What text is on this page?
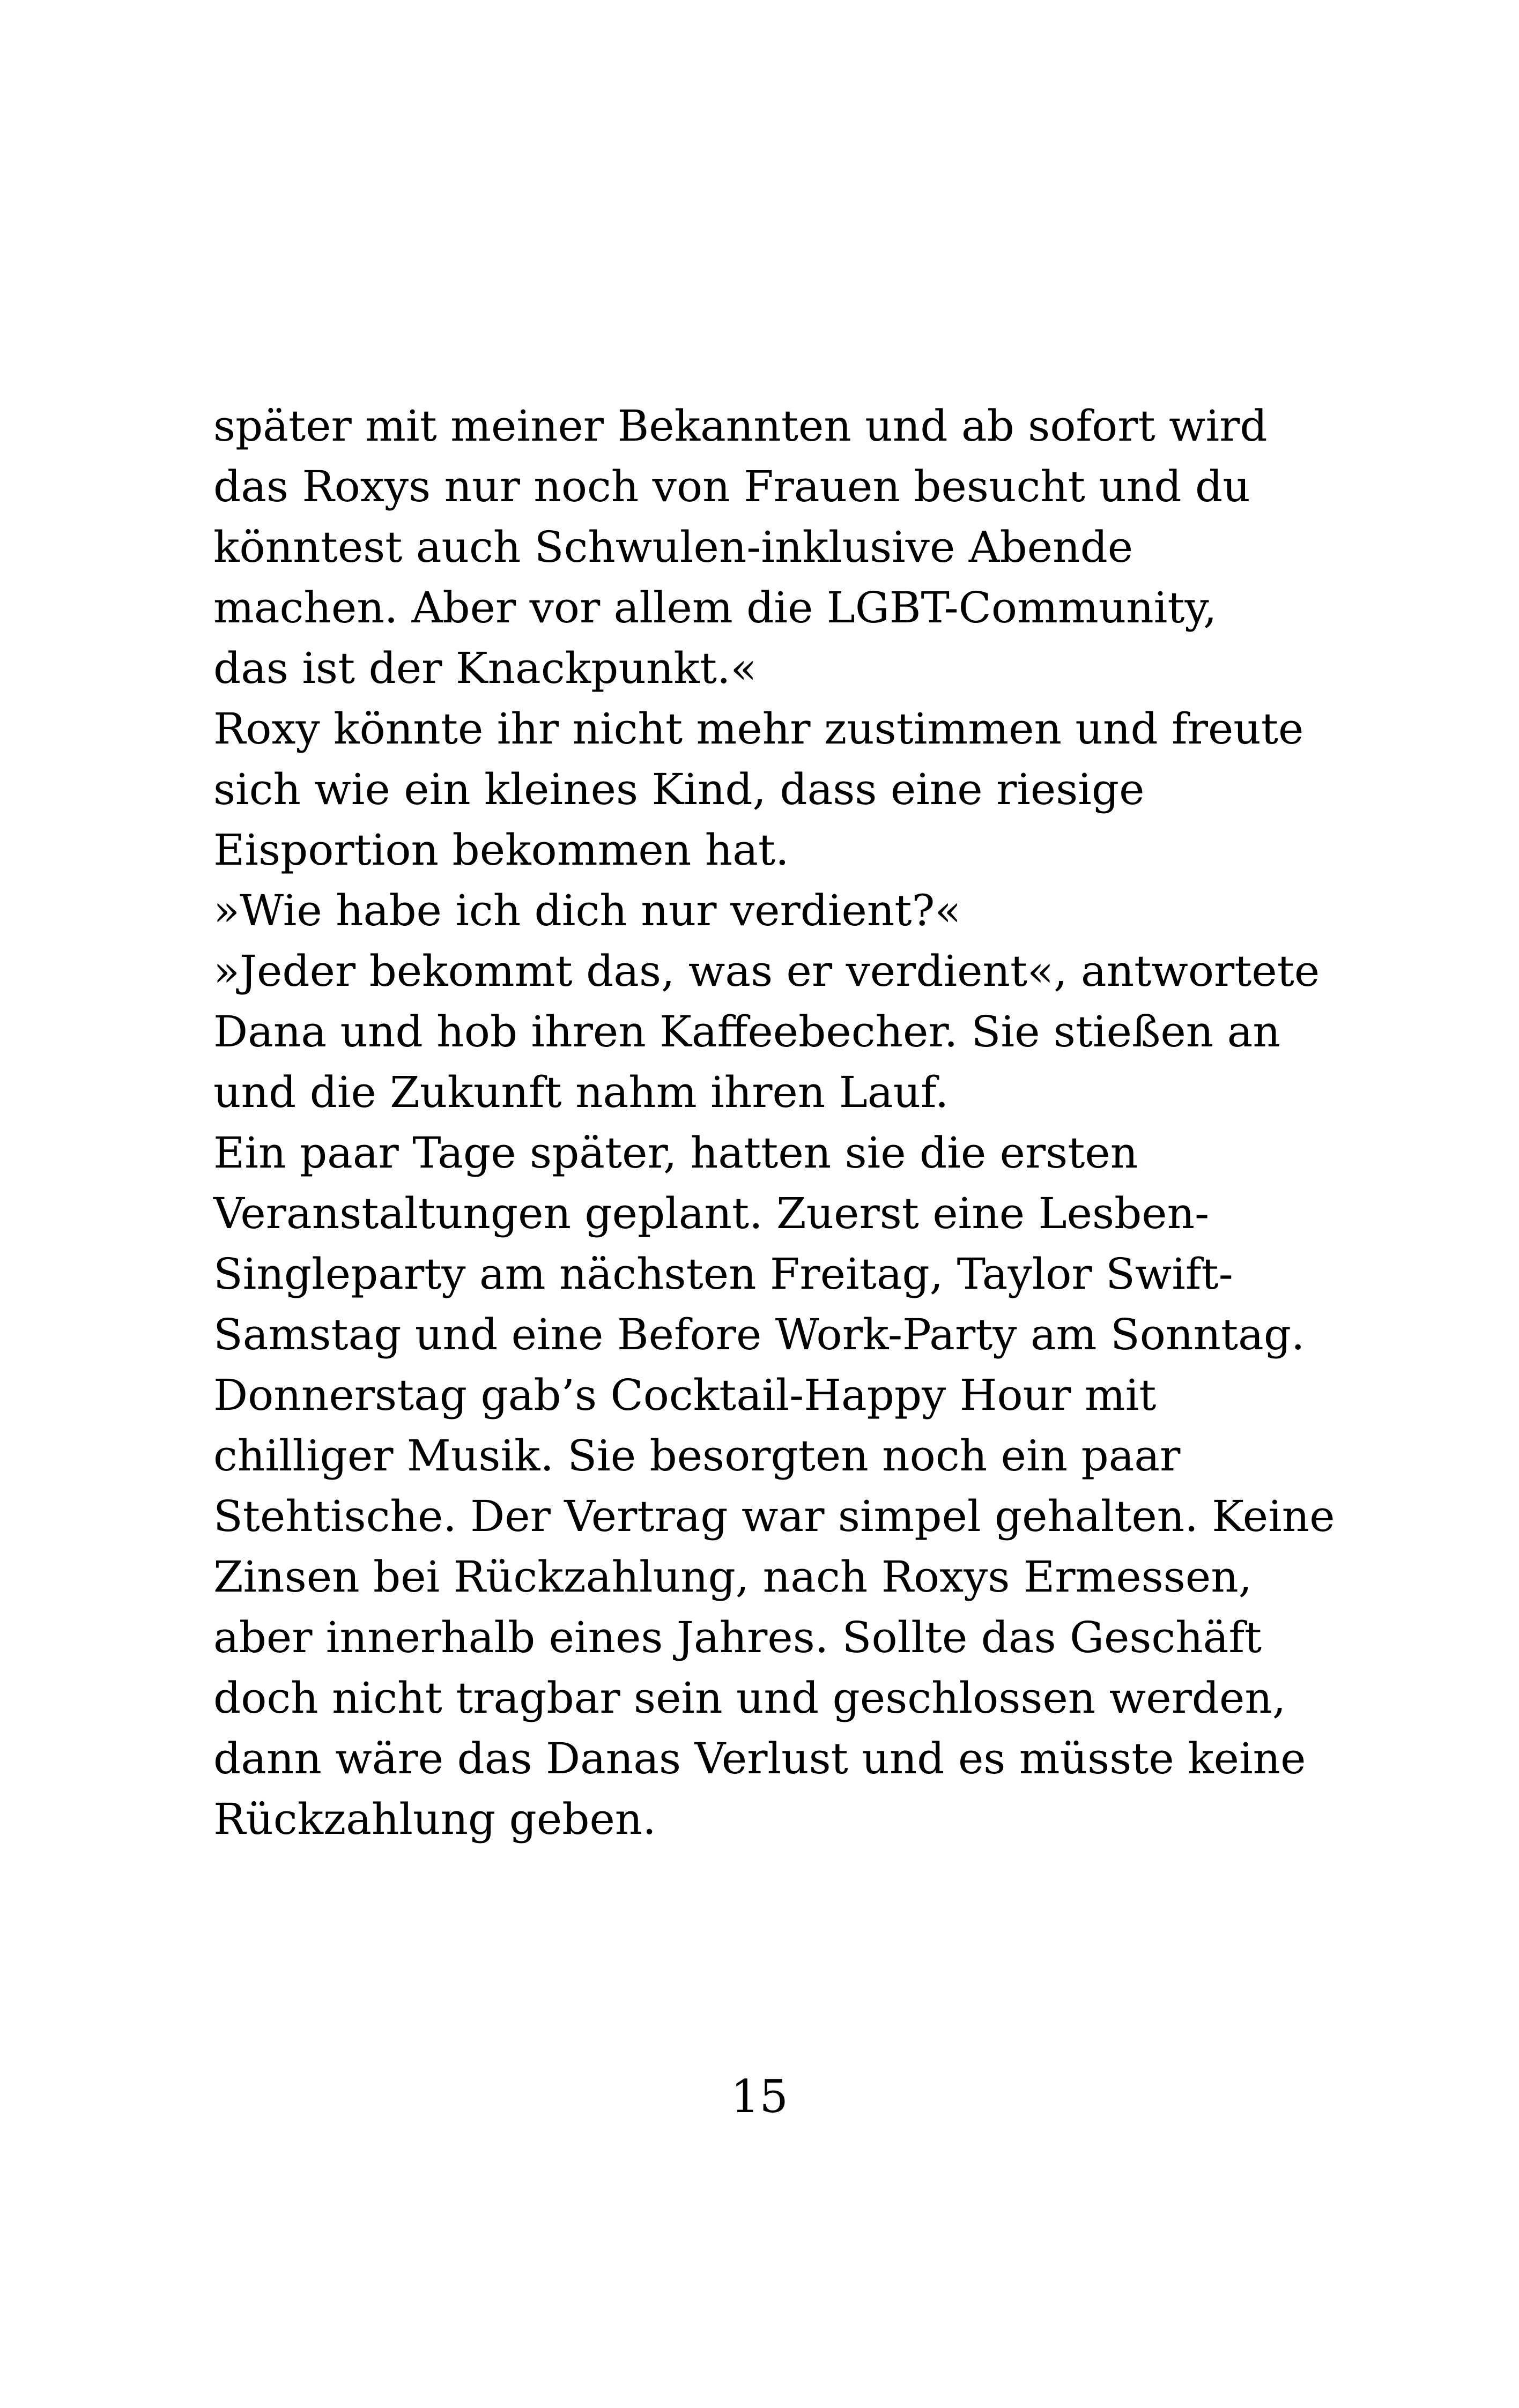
später mit meiner Bekannten und ab sofort wird
das Roxys nur noch von Frauen besucht und du
könntest auch Schwulen-inklusive Abende
machen. Aber vor allem die LGBT-Community,
das ist der Knackpunkt.«
Roxy könnte ihr nicht mehr zustimmen und freute
sich wie ein kleines Kind, dass eine riesige
Eisportion bekommen hat.
»Wie habe ich dich nur verdient?«
»Jeder bekommt das, was er verdient«, antwortete
Dana und hob ihren Kaffeebecher. Sie stießen an
und die Zukunft nahm ihren Lauf.
Ein paar Tage später, hatten sie die ersten
Veranstaltungen geplant. Zuerst eine Lesben-
Singleparty am nächsten Freitag, Taylor Swift-
Samstag und eine Before Work-Party am Sonntag.
Donnerstag gab’s Cocktail-Happy Hour mit
chilliger Musik. Sie besorgten noch ein paar
Stehtische. Der Vertrag war simpel gehalten. Keine
Zinsen bei Rückzahlung, nach Roxys Ermessen,
aber innerhalb eines Jahres. Sollte das Geschäft
doch nicht tragbar sein und geschlossen werden,
dann wäre das Danas Verlust und es müsste keine
Rückzahlung geben.
15
